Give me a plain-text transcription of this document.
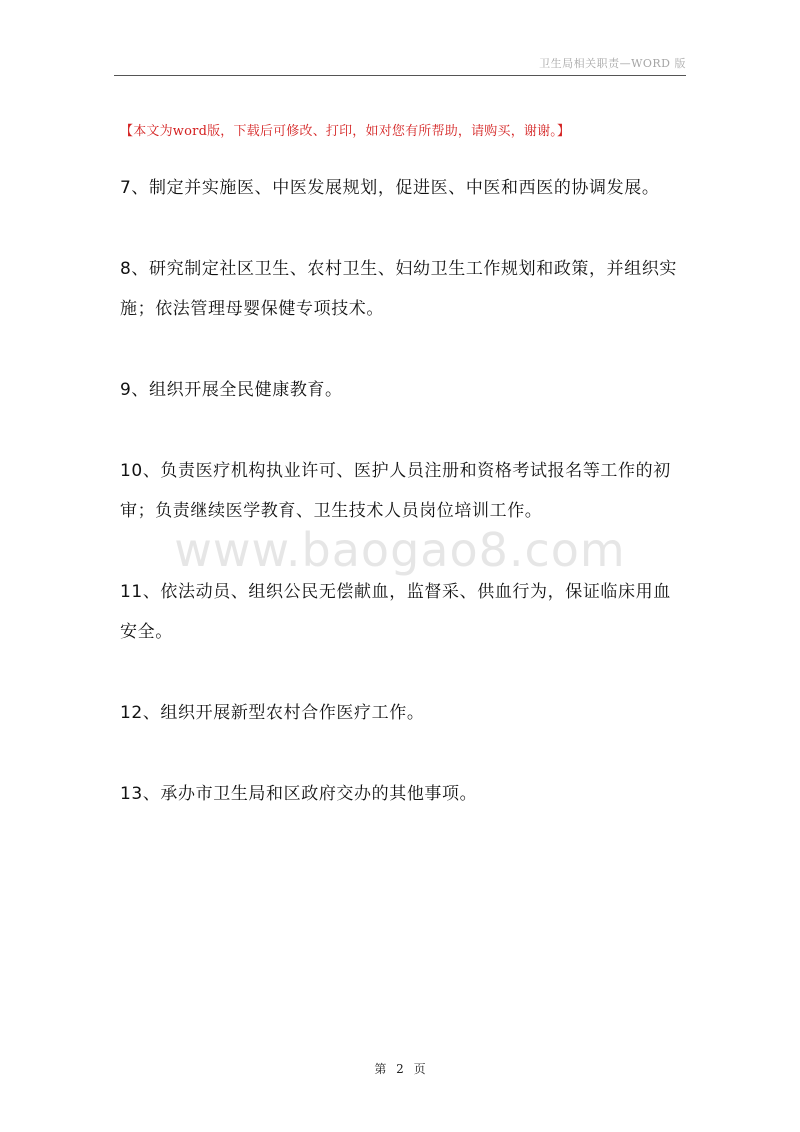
卫生局相关职责—WORD 版
【本文为word版，下载后可修改、打印，如对您有所帮助，请购买，谢谢。】

7、制定并实施医、中医发展规划，促进医、中医和西医的协调发展。

8、研究制定社区卫生、农村卫生、妇幼卫生工作规划和政策，并组织实施；依法管理母婴保健专项技术。

9、组织开展全民健康教育。

10、负责医疗机构执业许可、医护人员注册和资格考试报名等工作的初审；负责继续医学教育、卫生技术人员岗位培训工作。

11、依法动员、组织公民无偿献血，监督采、供血行为，保证临床用血安全。

12、组织开展新型农村合作医疗工作。

13、承办市卫生局和区政府交办的其他事项。

www.baogao8.com
第 2 页
